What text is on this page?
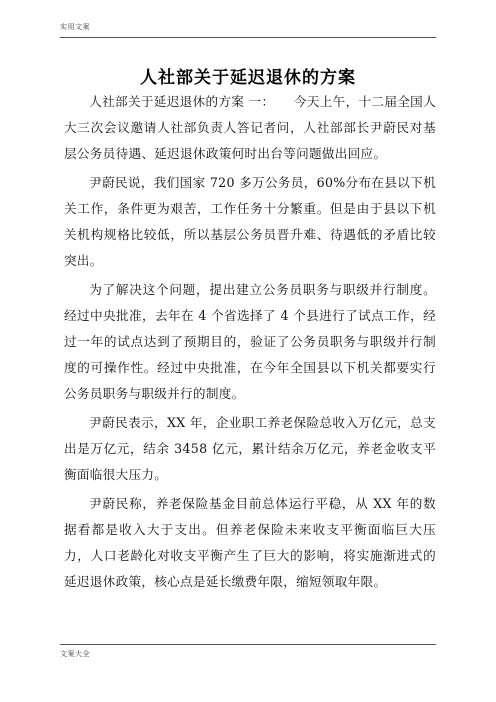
实用文案
人社部关于延迟退休的方案

人社部关于延迟退休的方案 一：　　今天上午，十二届全国人大三次会议邀请人社部负责人答记者问，人社部部长尹蔚民对基层公务员待遇、延迟退休政策何时出台等问题做出回应。

尹蔚民说，我们国家 720 多万公务员，60%分布在县以下机关工作，条件更为艰苦，工作任务十分繁重。但是由于县以下机关机构规格比较低，所以基层公务员晋升难、待遇低的矛盾比较突出。

为了解决这个问题，提出建立公务员职务与职级并行制度。经过中央批准，去年在 4 个省选择了 4 个县进行了试点工作，经过一年的试点达到了预期目的，验证了公务员职务与职级并行制度的可操作性。经过中央批准，在今年全国县以下机关都要实行公务员职务与职级并行的制度。

尹蔚民表示，XX 年，企业职工养老保险总收入万亿元，总支出是万亿元，结余 3458 亿元，累计结余万亿元，养老金收支平衡面临很大压力。

尹蔚民称，养老保险基金目前总体运行平稳，从 XX 年的数据看都是收入大于支出。但养老保险未来收支平衡面临巨大压力，人口老龄化对收支平衡产生了巨大的影响，将实施渐进式的延迟退休政策，核心点是延长缴费年限，缩短领取年限。

文案大全
